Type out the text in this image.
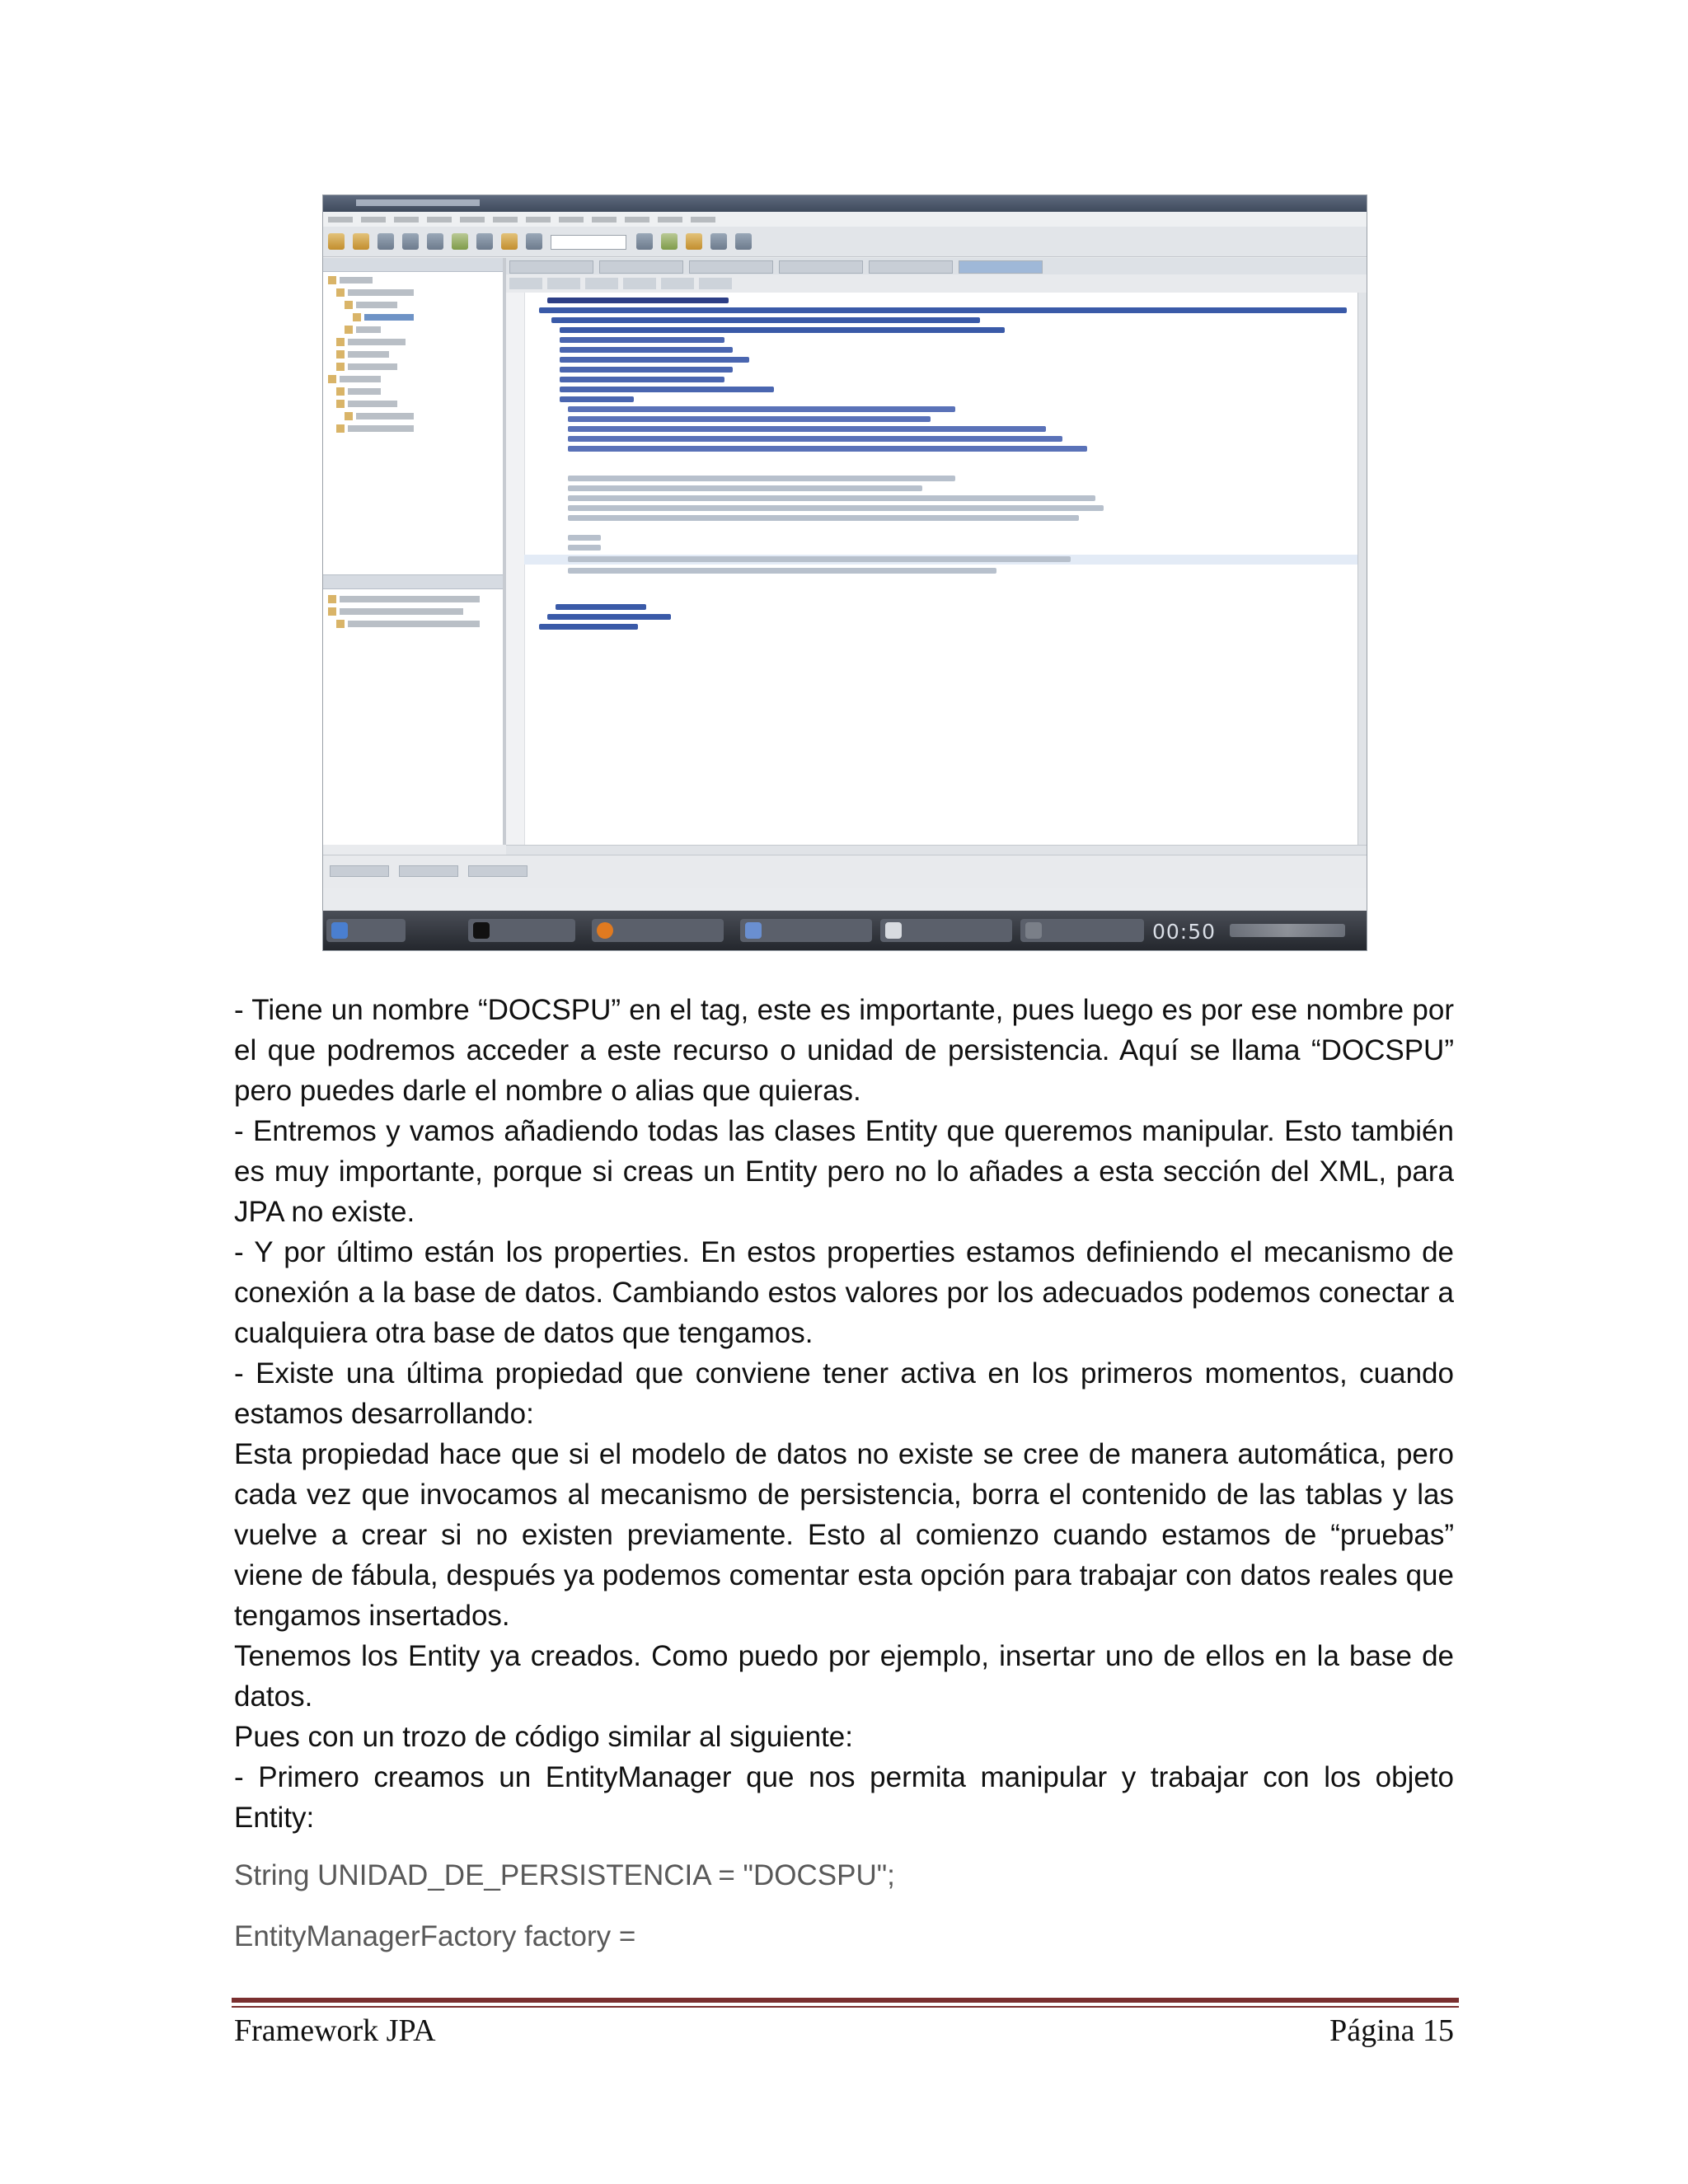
00:50

- Tiene un nombre “DOCSPU” en el tag, este es importante, pues luego es por ese nombre por el que podremos acceder a este recurso o unidad de persistencia. Aquí se llama “DOCSPU” pero puedes darle el nombre o alias que quieras.

- Entremos y vamos añadiendo todas las clases Entity que queremos manipular. Esto también es muy importante, porque si creas un Entity pero no lo añades a esta sección del XML, para JPA no existe.

- Y por último están los properties. En estos properties estamos definiendo el mecanismo de conexión a la base de datos. Cambiando estos valores por los adecuados podemos conectar a cualquiera otra base de datos que tengamos.

- Existe una última propiedad que conviene tener activa en los primeros momentos, cuando estamos desarrollando:

Esta propiedad hace que si el modelo de datos no existe se cree de manera automática, pero cada vez que invocamos al mecanismo de persistencia, borra el contenido de las tablas y las vuelve a crear si no existen previamente. Esto al comienzo cuando estamos de “pruebas” viene de fábula, después ya podemos comentar esta opción para trabajar con datos reales que tengamos insertados.

Tenemos los Entity ya creados. Como puedo por ejemplo, insertar uno de ellos en la base de datos.

Pues con un trozo de código similar al siguiente:

- Primero creamos un EntityManager que nos permita manipular y trabajar con los objeto Entity:

String UNIDAD_DE_PERSISTENCIA = "DOCSPU";

EntityManagerFactory factory =

Framework JPA	Página 15
